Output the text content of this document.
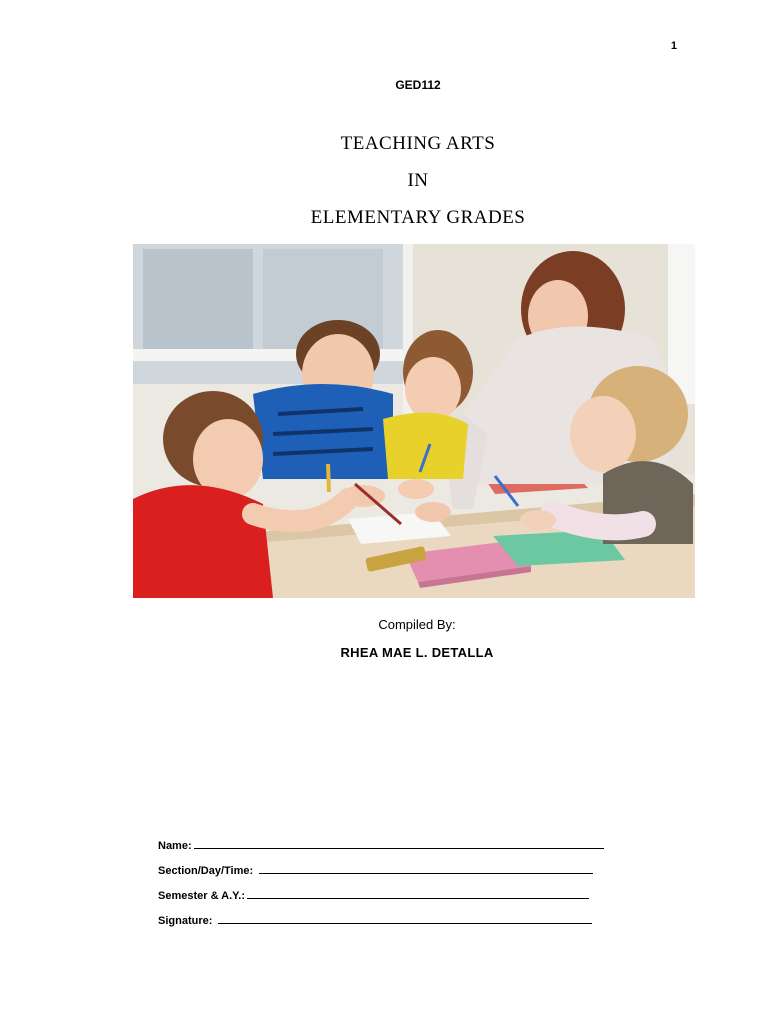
1
GED112
TEACHING ARTS
IN
ELEMENTARY GRADES
Compiled By:
RHEA MAE L. DETALLA
Name:
Section/Day/Time:
Semester & A.Y.:
Signature:
